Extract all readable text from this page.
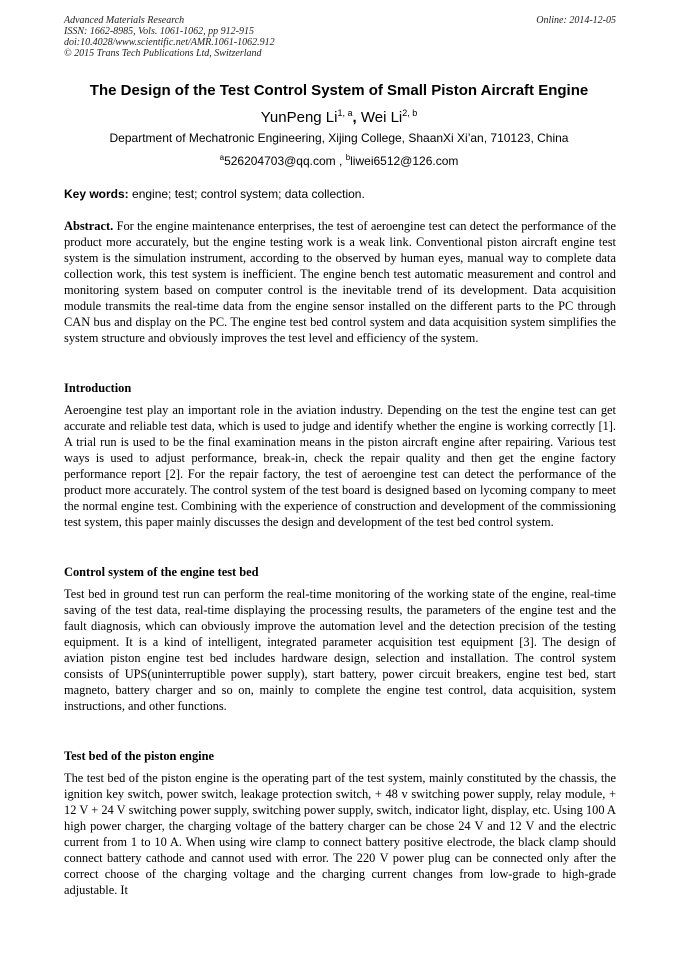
Advanced Materials Research
ISSN: 1662-8985, Vols. 1061-1062, pp 912-915
doi:10.4028/www.scientific.net/AMR.1061-1062.912
© 2015 Trans Tech Publications Ltd, Switzerland
Online: 2014-12-05
The Design of the Test Control System of Small Piston Aircraft Engine
YunPeng Li$^{1, a}$, Wei Li$^{2, b}$
Department of Mechatronic Engineering, Xijing College, ShaanXi Xi’an, 710123, China
$^a$526204703@qq.com , $^b$liwei6512@126.com
Key words: engine; test; control system; data collection.

Abstract. For the engine maintenance enterprises, the test of aeroengine test can detect the performance of the product more accurately, but the engine testing work is a weak link. Conventional piston aircraft engine test system is the simulation instrument, according to the observed by human eyes, manual way to complete data collection work, this test system is inefficient. The engine bench test automatic measurement and control and monitoring system based on computer control is the inevitable trend of its development. Data acquisition module transmits the real-time data from the engine sensor installed on the different parts to the PC through CAN bus and display on the PC. The engine test bed control system and data acquisition system simplifies the system structure and obviously improves the test level and efficiency of the system.

Introduction

Aeroengine test play an important role in the aviation industry. Depending on the test the engine test can get accurate and reliable test data, which is used to judge and identify whether the engine is working correctly [1]. A trial run is used to be the final examination means in the piston aircraft engine after repairing. Various test ways is used to adjust performance, break-in, check the repair quality and then get the engine factory performance report [2]. For the repair factory, the test of aeroengine test can detect the performance of the product more accurately. The control system of the test board is designed based on lycoming company to meet the normal engine test. Combining with the experience of construction and development of the commissioning test system, this paper mainly discusses the design and development of the test bed control system.

Control system of the engine test bed

Test bed in ground test run can perform the real-time monitoring of the working state of the engine, real-time saving of the test data, real-time displaying the processing results, the parameters of the engine test and the fault diagnosis, which can obviously improve the automation level and the detection precision of the testing equipment. It is a kind of intelligent, integrated parameter acquisition test equipment [3]. The design of aviation piston engine test bed includes hardware design, selection and installation. The control system consists of UPS(uninterruptible power supply), start battery, power circuit breakers, engine test bed, start magneto, battery charger and so on, mainly to complete the engine test control, data acquisition, system instructions, and other functions.

Test bed of the piston engine

The test bed of the piston engine is the operating part of the test system, mainly constituted by the chassis, the ignition key switch, power switch, leakage protection switch, + 48 v switching power supply, relay module, + 12 V + 24 V switching power supply, switching power supply, switch, indicator light, display, etc. Using 100 A high power charger, the charging voltage of the battery charger can be chose 24 V and 12 V and the electric current from 1 to 10 A. When using wire clamp to connect battery positive electrode, the black clamp should connect battery cathode and cannot used with error. The 220 V power plug can be connected only after the correct choose of the charging voltage and the charging current changes from low-grade to high-grade adjustable. It
